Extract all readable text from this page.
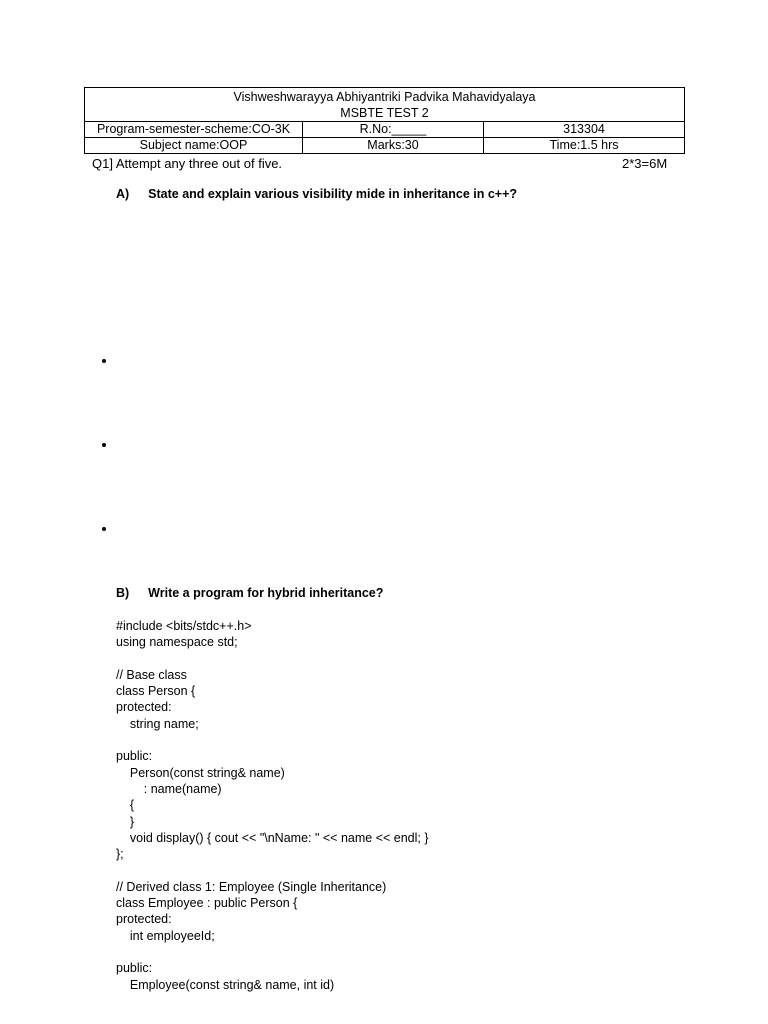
Vishweshwarayya Abhiyantriki Padvika Mahavidyalaya
MSBTE TEST 2		

Program-semester-scheme:CO-3K	R.No:_____	313304
Subject name:OOP	Marks:30	Time:1.5 hrs
Q1] Attempt any three out of five.	2*3=6M
A) State and explain various visibility mide in inheritance in c++?
B) Write a program for hybrid inheritance?
#include <bits/stdc++.h>
using namespace std;
// Base class
class Person {
protected:
string name;
public:
Person(const string& name)
: name(name)
{
}
void display() { cout << "\nName: " << name << endl; }
};
// Derived class 1: Employee (Single Inheritance)
class Employee : public Person {
protected:
int employeeId;
public:
Employee(const string& name, int id)
